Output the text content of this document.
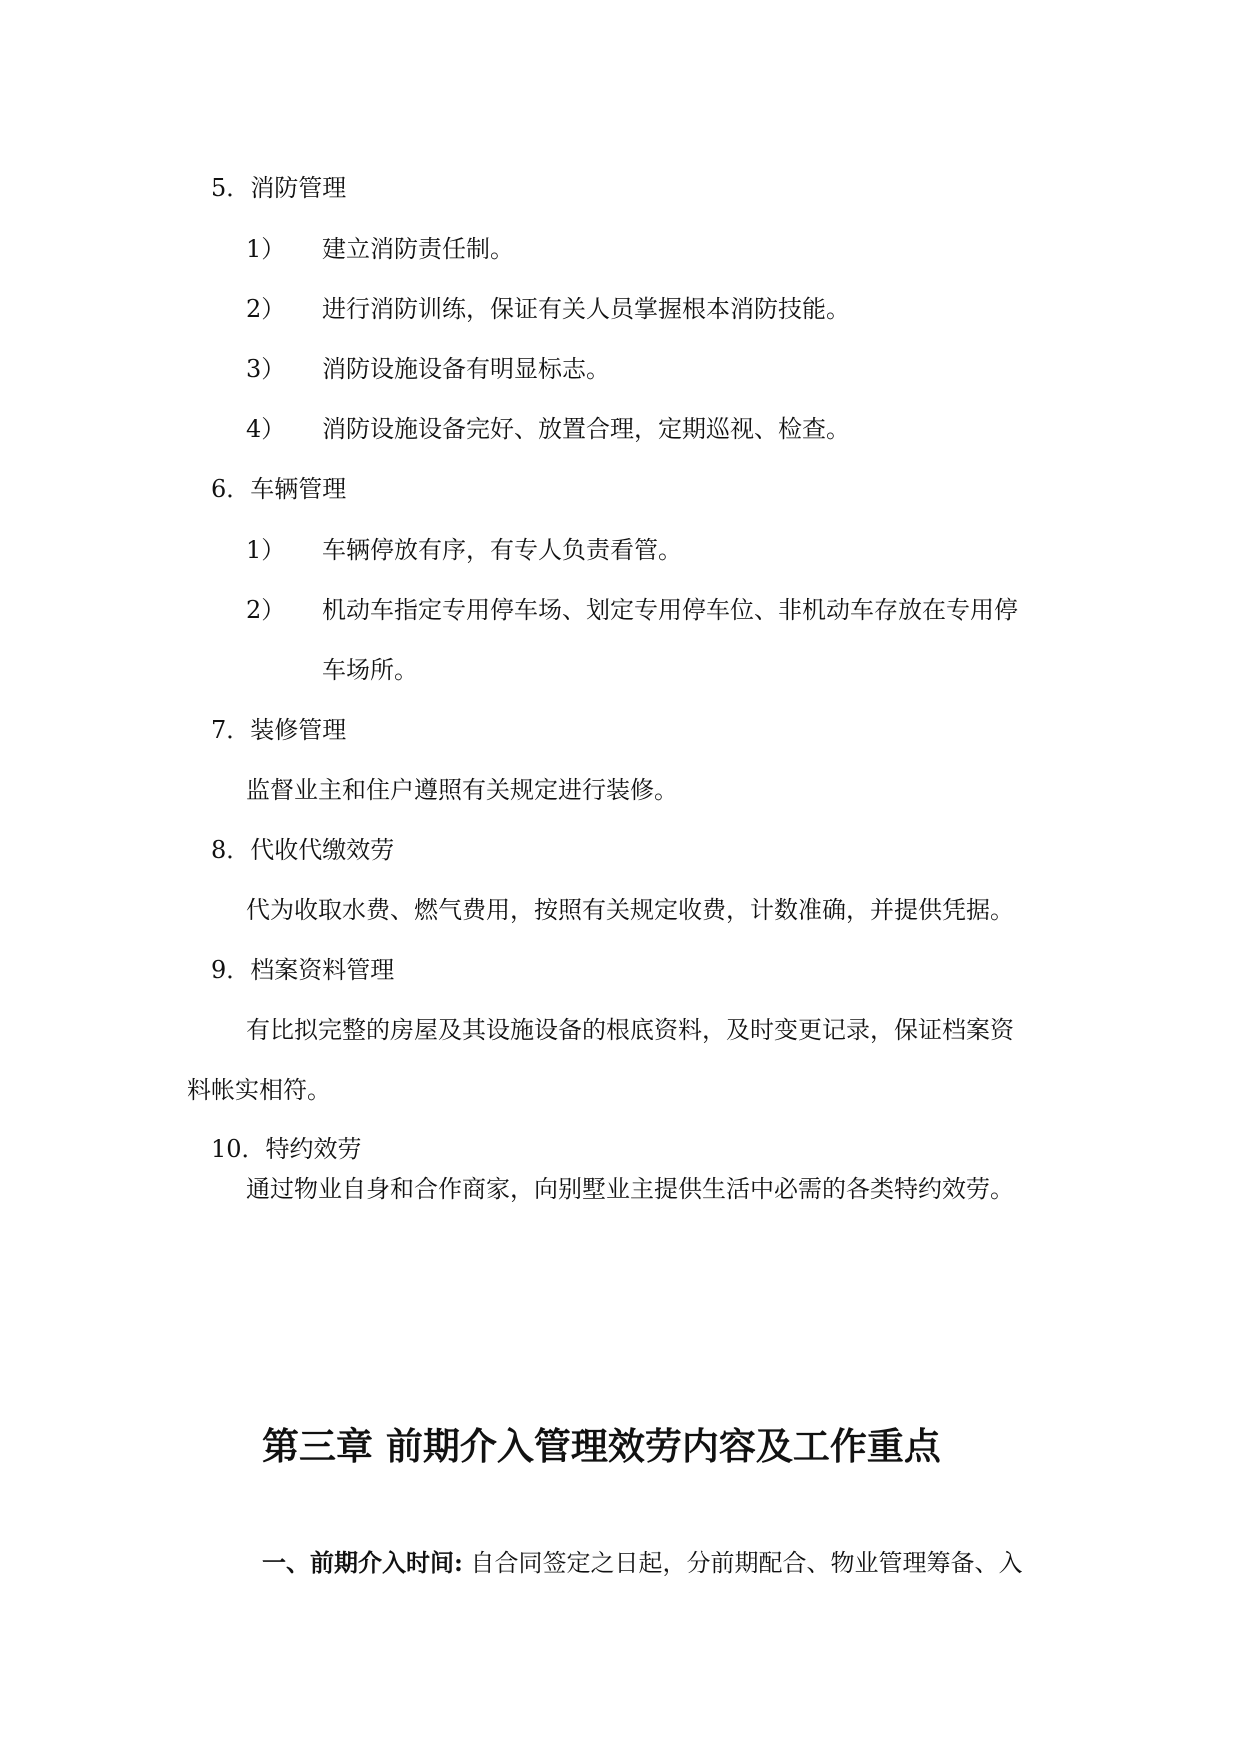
5．消防管理
1） 建立消防责任制。
2） 进行消防训练，保证有关人员掌握根本消防技能。
3） 消防设施设备有明显标志。
4） 消防设施设备完好、放置合理，定期巡视、检查。
6．车辆管理
1） 车辆停放有序，有专人负责看管。
2） 机动车指定专用停车场、划定专用停车位、非机动车存放在专用停
车场所。
7．装修管理
监督业主和住户遵照有关规定进行装修。
8．代收代缴效劳
代为收取水费、燃气费用，按照有关规定收费，计数准确，并提供凭据。
9．档案资料管理
有比拟完整的房屋及其设施设备的根底资料，及时变更记录，保证档案资
料帐实相符。
10．特约效劳
通过物业自身和合作商家，向别墅业主提供生活中必需的各类特约效劳。
第三章 前期介入管理效劳内容及工作重点
一、前期介入时间: 自合同签定之日起，分前期配合、物业管理筹备、入
